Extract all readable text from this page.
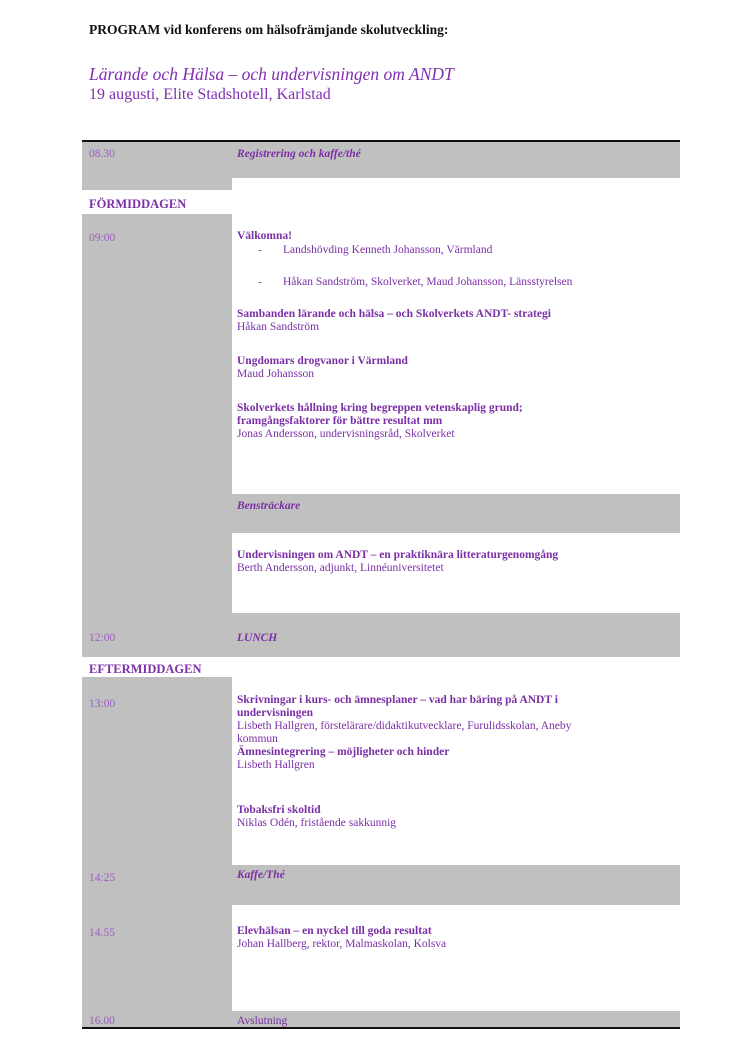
PROGRAM vid konferens om hälsofrämjande skolutveckling:
Lärande och Hälsa – och undervisningen om ANDT
19 augusti, Elite Stadshotell, Karlstad
08.30	Registrering och kaffe/thé
FÖRMIDDAGEN
09:00	Välkomna!
- Landshövding Kenneth Johansson, Värmland
- Håkan Sandström, Skolverket, Maud Johansson, Länsstyrelsen
Sambanden lärande och hälsa – och Skolverkets ANDT- strategi
Håkan Sandström
Ungdomars drogvanor i Värmland
Maud Johansson
Skolverkets hållning kring begreppen vetenskaplig grund;
framgångsfaktorer för bättre resultat mm
Jonas Andersson, undervisningsråd, Skolverket
Bensträckare
Undervisningen om ANDT – en praktiknära litteraturgenomgång
Berth Andersson, adjunkt, Linnéuniversitetet
12:00	LUNCH
EFTERMIDDAGEN
13:00	Skrivningar i kurs- och ämnesplaner – vad har bäring på ANDT i
undervisningen
Lisbeth Hallgren, förstelärare/didaktikutvecklare, Furulidsskolan, Aneby
kommun
Ämnesintegrering – möjligheter och hinder
Lisbeth Hallgren
Tobaksfri skoltid
Niklas Odén, fristående sakkunnig
14:25	Kaffe/Thé
14.55	Elevhälsan – en nyckel till goda resultat
Johan Hallberg, rektor, Malmaskolan, Kolsva
16.00	Avslutning
